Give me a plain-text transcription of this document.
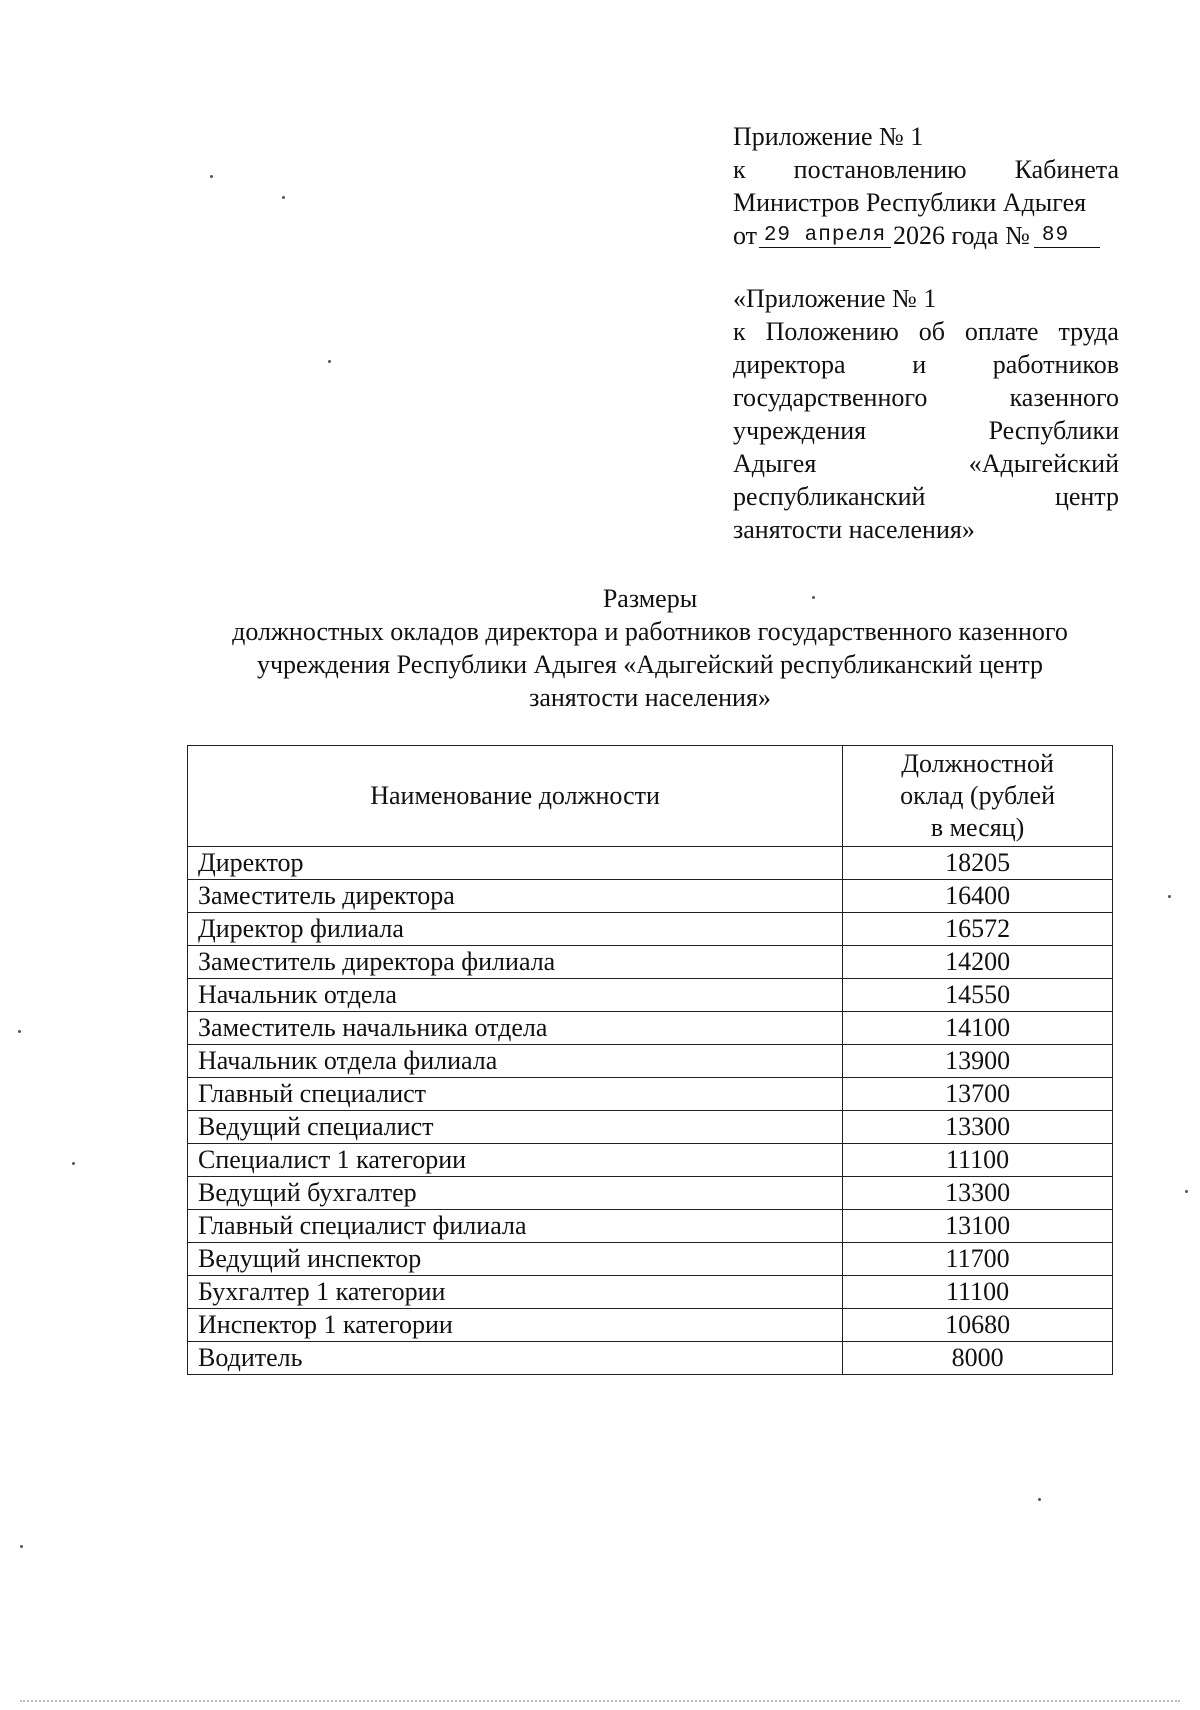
Приложение № 1
к постановлению Кабинета
Министров Республики Адыгея
от 29 апреля 2026 года № 89
«Приложение № 1
к Положению об оплате труда
директора	и	работников
государственного	казенного
учреждения	Республики
Адыгея	«Адыгейский
республиканский	центр
занятости населения»
Размеры
должностных окладов директора и работников государственного казенного
учреждения Республики Адыгея «Адыгейский республиканский центр
занятости населения»
Наименование должности	Должностной
оклад (рублей
в месяц)

Директор	18205
Заместитель директора	16400
Директор филиала	16572
Заместитель директора филиала	14200
Начальник отдела	14550
Заместитель начальника отдела	14100
Начальник отдела филиала	13900
Главный специалист	13700
Ведущий специалист	13300
Специалист 1 категории	11100
Ведущий бухгалтер	13300
Главный специалист филиала	13100
Ведущий инспектор	11700
Бухгалтер 1 категории	11100
Инспектор 1 категории	10680
Водитель	8000
